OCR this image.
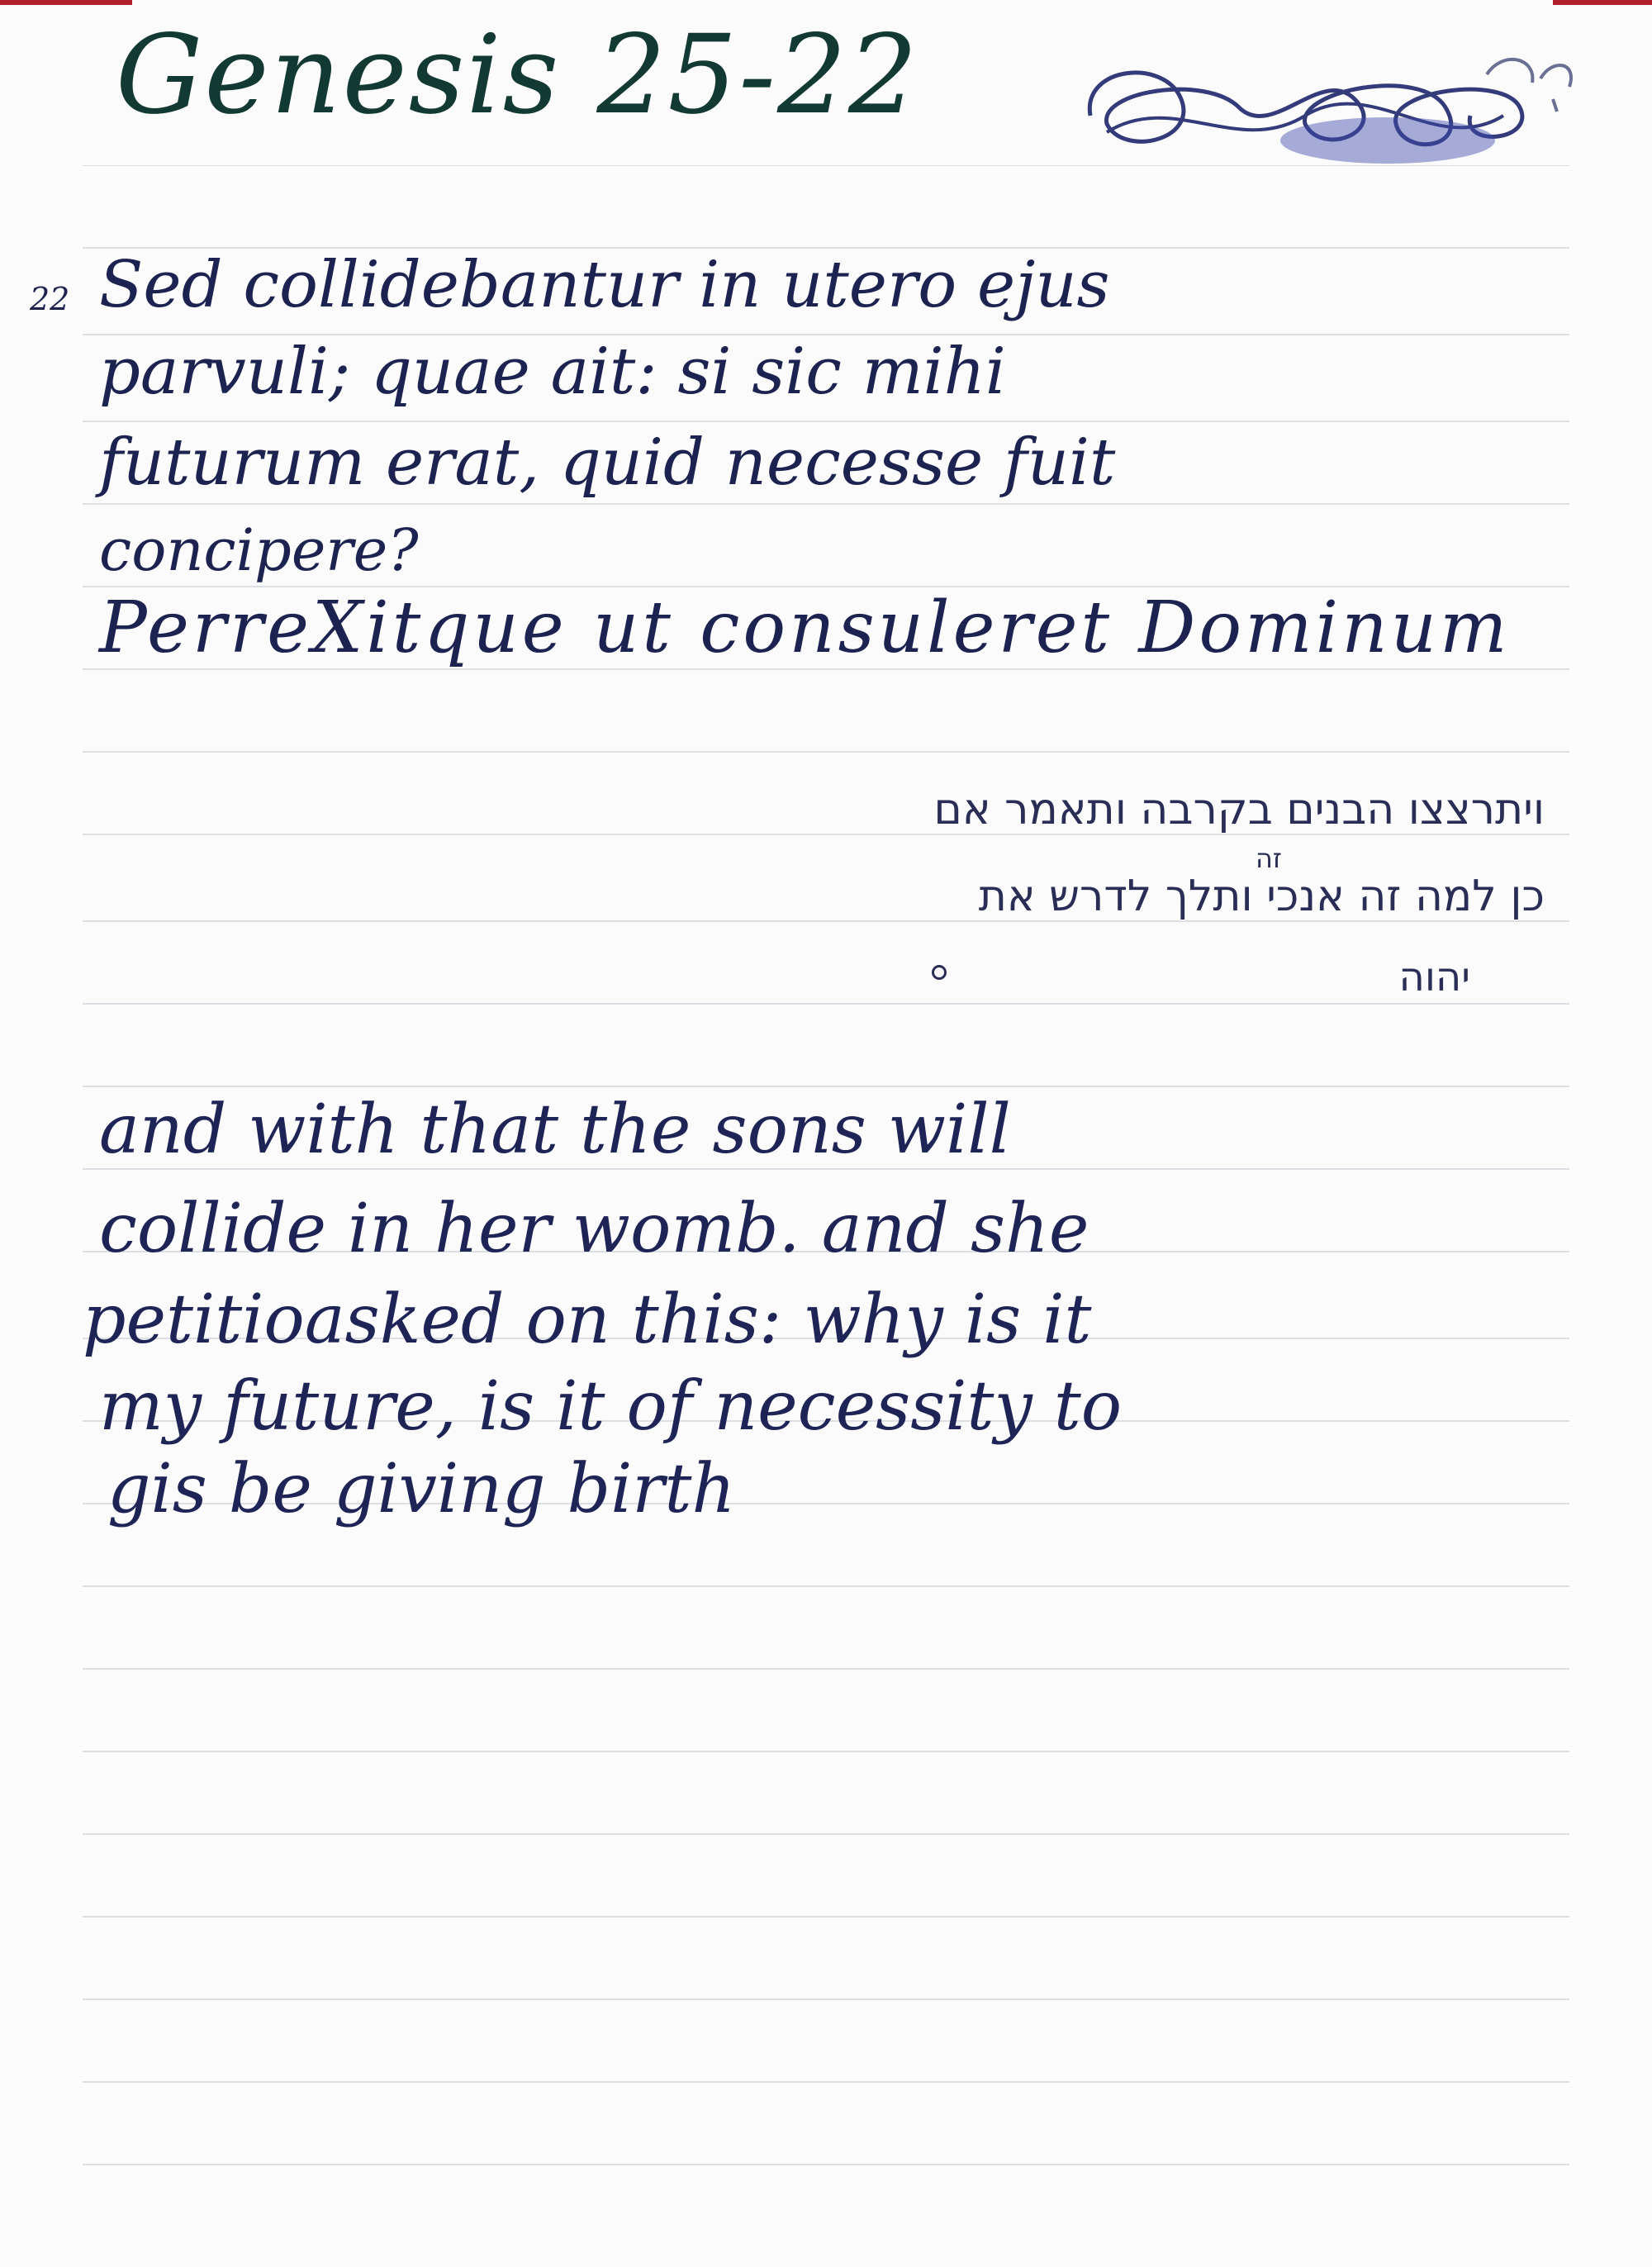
Genesis 25-22
22 Sed collidebantur in utero ejus
parvuli; quae ait: si sic mihi
futurum erat, quid necesse fuit
concipere?
PerreXitque ut consuleret Dominum
ויתרצצו הבנים בקרבה ותאמר אם
זה
כן למה זה אנכי ותלך לדרש את
יהוה
and with that the sons will
collide in her womb. and she
petitioasked on this: why is it
my future, is it of necessity to
gis be giving birth
